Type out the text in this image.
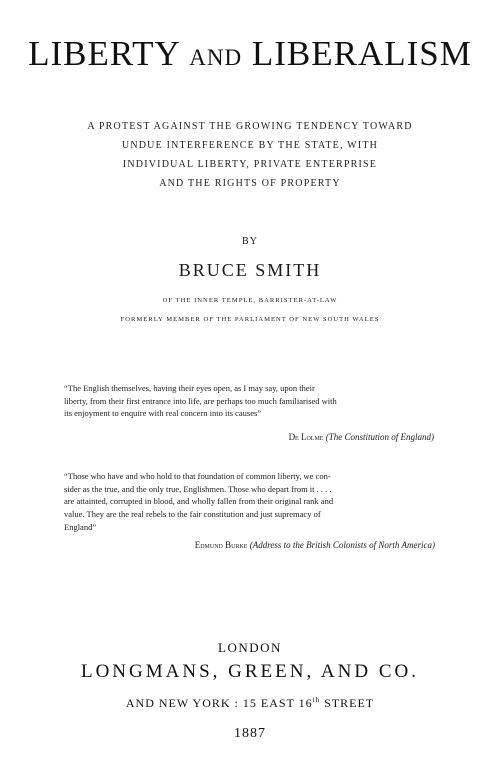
LIBERTY AND LIBERALISM
A PROTEST AGAINST THE GROWING TENDENCY TOWARD
UNDUE INTERFERENCE BY THE STATE, WITH
INDIVIDUAL LIBERTY, PRIVATE ENTERPRISE
AND THE RIGHTS OF PROPERTY
BY
BRUCE SMITH
OF THE INNER TEMPLE, BARRISTER-AT-LAW
FORMERLY MEMBER OF THE PARLIAMENT OF NEW SOUTH WALES
“The English themselves, having their eyes open, as I may say, upon their
liberty, from their first entrance into life, are perhaps too much familiarised with
its enjoyment to enquire with real concern into its causes”
De Lolme (The Constitution of England)
“Those who have and who hold to that foundation of common liberty, we con-
sider as the true, and the only true, Englishmen. Those who depart from it . . . .
are attainted, corrupted in blood, and wholly fallen from their original rank and
value. They are the real rebels to the fair constitution and just supremacy of
England”
Edmund Burke (Address to the British Colonists of North America)
LONDON
LONGMANS, GREEN, AND CO.
AND NEW YORK : 15 EAST 16th STREET
1887
